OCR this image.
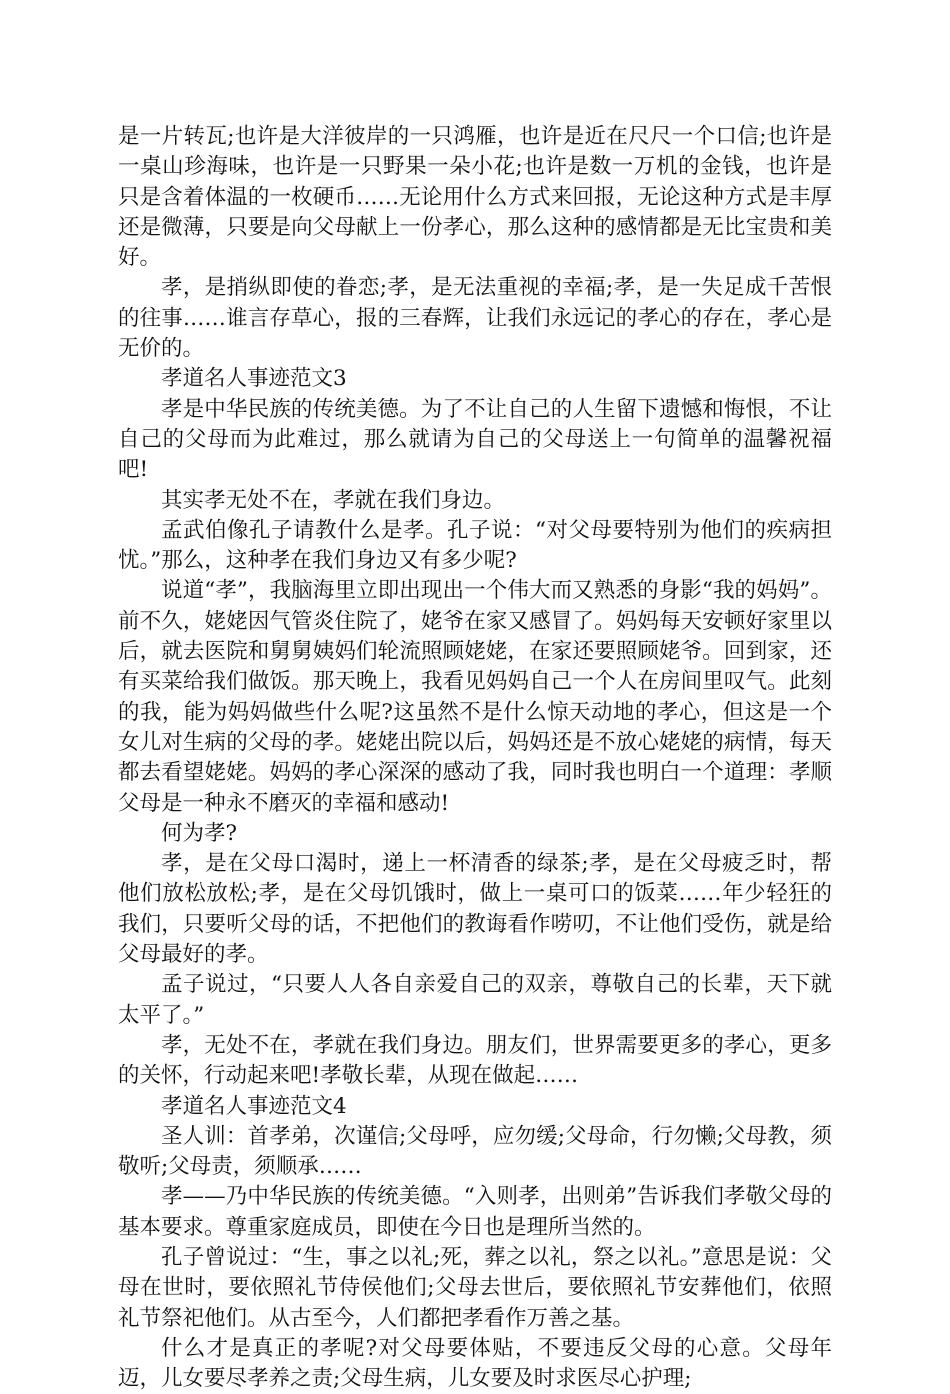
是一片转瓦;也许是大洋彼岸的一只鸿雁，也许是近在尺尺一个口信;也许是一桌山珍海味，也许是一只野果一朵小花;也许是数一万机的金钱，也许是只是含着体温的一枚硬币……无论用什么方式来回报，无论这种方式是丰厚还是微薄，只要是向父母献上一份孝心，那么这种的感情都是无比宝贵和美好。

孝，是捎纵即使的眷恋;孝，是无法重视的幸福;孝，是一失足成千苦恨的往事……谁言存草心，报的三春辉，让我们永远记的孝心的存在，孝心是无价的。

孝道名人事迹范文3

孝是中华民族的传统美德。为了不让自己的人生留下遗憾和悔恨，不让自己的父母而为此难过，那么就请为自己的父母送上一句简单的温馨祝福吧!

其实孝无处不在，孝就在我们身边。

孟武伯像孔子请教什么是孝。孔子说：“对父母要特别为他们的疾病担忧。”那么，这种孝在我们身边又有多少呢?

说道“孝”，我脑海里立即出现出一个伟大而又熟悉的身影“我的妈妈”。前不久，姥姥因气管炎住院了，姥爷在家又感冒了。妈妈每天安顿好家里以后，就去医院和舅舅姨妈们轮流照顾姥姥，在家还要照顾姥爷。回到家，还有买菜给我们做饭。那天晚上，我看见妈妈自己一个人在房间里叹气。此刻的我，能为妈妈做些什么呢?这虽然不是什么惊天动地的孝心，但这是一个女儿对生病的父母的孝。姥姥出院以后，妈妈还是不放心姥姥的病情，每天都去看望姥姥。妈妈的孝心深深的感动了我，同时我也明白一个道理：孝顺父母是一种永不磨灭的幸福和感动!

何为孝?

孝，是在父母口渴时，递上一杯清香的绿茶;孝，是在父母疲乏时，帮他们放松放松;孝，是在父母饥饿时，做上一桌可口的饭菜……年少轻狂的我们，只要听父母的话，不把他们的教诲看作唠叨，不让他们受伤，就是给父母最好的孝。

孟子说过，“只要人人各自亲爱自己的双亲，尊敬自己的长辈，天下就太平了。”

孝，无处不在，孝就在我们身边。朋友们，世界需要更多的孝心，更多的关怀，行动起来吧!孝敬长辈，从现在做起……

孝道名人事迹范文4

圣人训：首孝弟，次谨信;父母呼，应勿缓;父母命，行勿懒;父母教，须敬听;父母责，须顺承……

孝——乃中华民族的传统美德。“入则孝，出则弟”告诉我们孝敬父母的基本要求。尊重家庭成员，即使在今日也是理所当然的。

孔子曾说过：“生，事之以礼;死，葬之以礼，祭之以礼。”意思是说：父母在世时，要依照礼节侍侯他们;父母去世后，要依照礼节安葬他们，依照礼节祭祀他们。从古至今，人们都把孝看作万善之基。

什么才是真正的孝呢?对父母要体贴，不要违反父母的心意。父母年迈，儿女要尽孝养之责;父母生病，儿女要及时求医尽心护理;
